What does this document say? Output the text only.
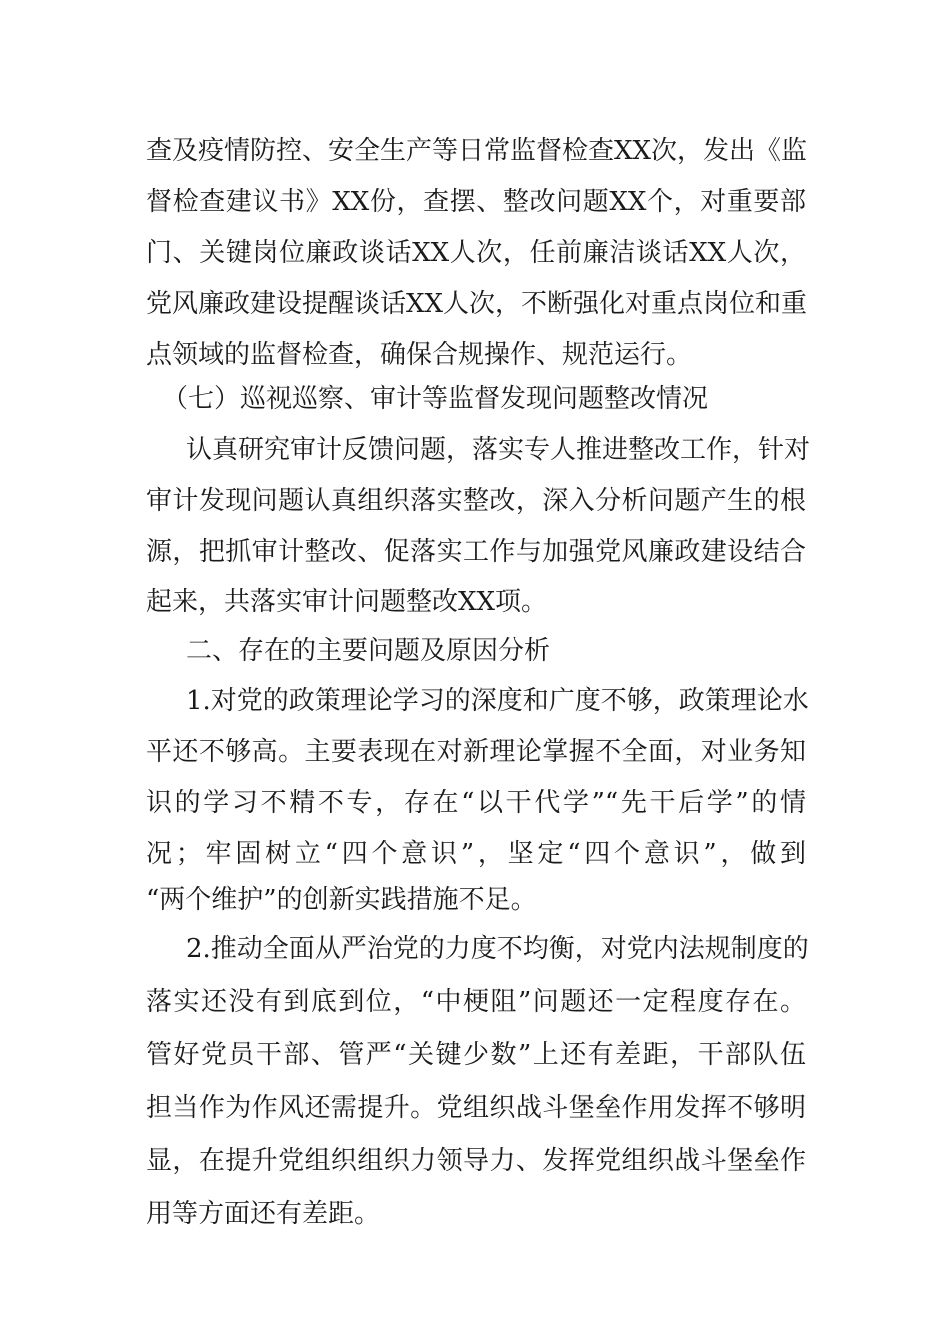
查及疫情防控、安全生产等日常监督检查XX次，发出《监

督检查建议书》XX份，查摆、整改问题XX个，对重要部

门、关键岗位廉政谈话XX人次，任前廉洁谈话XX人次，

党风廉政建设提醒谈话XX人次，不断强化对重点岗位和重

点领域的监督检查，确保合规操作、规范运行。

（七）巡视巡察、审计等监督发现问题整改情况

认真研究审计反馈问题，落实专人推进整改工作，针对

审计发现问题认真组织落实整改，深入分析问题产生的根

源，把抓审计整改、促落实工作与加强党风廉政建设结合

起来，共落实审计问题整改XX项。

二、存在的主要问题及原因分析

1.对党的政策理论学习的深度和广度不够，政策理论水

平还不够高。主要表现在对新理论掌握不全面，对业务知

识的学习不精不专，存在“以干代学”“先干后学”的情

况；牢固树立“四个意识”，坚定“四个意识”，做到

“两个维护”的创新实践措施不足。

2.推动全面从严治党的力度不均衡，对党内法规制度的

落实还没有到底到位，“中梗阻”问题还一定程度存在。

管好党员干部、管严“关键少数”上还有差距，干部队伍

担当作为作风还需提升。党组织战斗堡垒作用发挥不够明

显，在提升党组织组织力领导力、发挥党组织战斗堡垒作

用等方面还有差距。
